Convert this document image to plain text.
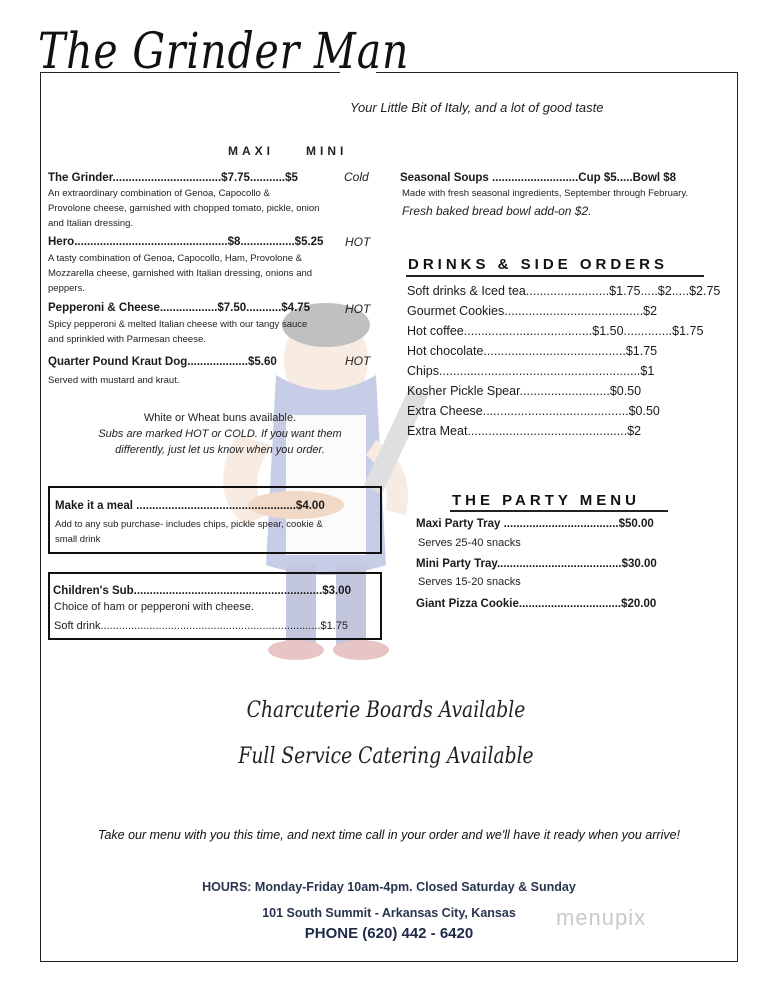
The Grinder Man
Your Little Bit of Italy, and a lot of good taste
MAXI	MINI
The Grinder..................................$7.75...........$5	Cold
An extraordinary combination of Genoa, Capocollo &
Provolone cheese, garnished with chopped tomato, pickle, onion
and Italian dressing.
Hero................................................$8.................$5.25 HOT
A tasty combination of Genoa, Capocollo, Ham, Provolone &
Mozzarella cheese, garnished with Italian dressing, onions and
peppers.
Pepperoni & Cheese..................$7.50...........$4.75	HOT
Spicy pepperoni & melted Italian cheese with our tangy sauce
and sprinkled with Parmesan cheese.
Quarter Pound Kraut Dog...................$5.60	HOT
Served with mustard and kraut.
White or Wheat buns available.
Subs are marked HOT or COLD. If you want them
differently, just let us know when you order.
Make it a meal ..................................................$4.00
Add to any sub purchase- includes chips, pickle spear, cookie &
small drink
Children's Sub...........................................................$3.00
Choice of ham or pepperoni with cheese.
Soft drink........................................................................$1.75
Seasonal Soups ...........................Cup $5.....Bowl $8
Made with fresh seasonal ingredients, September through February.
Fresh baked bread bowl add-on $2.
DRINKS & SIDE ORDERS
Soft drinks & Iced tea........................$1.75.....$2.....$2.75
Gourmet Cookies........................................$2
Hot coffee.....................................$1.50..............$1.75
Hot chocolate.........................................$1.75
Chips..........................................................$1
Kosher Pickle Spear..........................$0.50
Extra Cheese..........................................$0.50
Extra Meat..............................................$2
THE PARTY MENU
Maxi Party Tray ....................................$50.00
Serves 25-40 snacks
Mini Party Tray.......................................$30.00
Serves 15-20 snacks
Giant Pizza Cookie................................$20.00
Charcuterie Boards Available
Full Service Catering Available
Take our menu with you this time, and next time call in your order and we'll have it ready when you arrive!
HOURS: Monday-Friday 10am-4pm. Closed Saturday & Sunday
101 South Summit - Arkansas City, Kansas
PHONE (620) 442 - 6420
menupix
